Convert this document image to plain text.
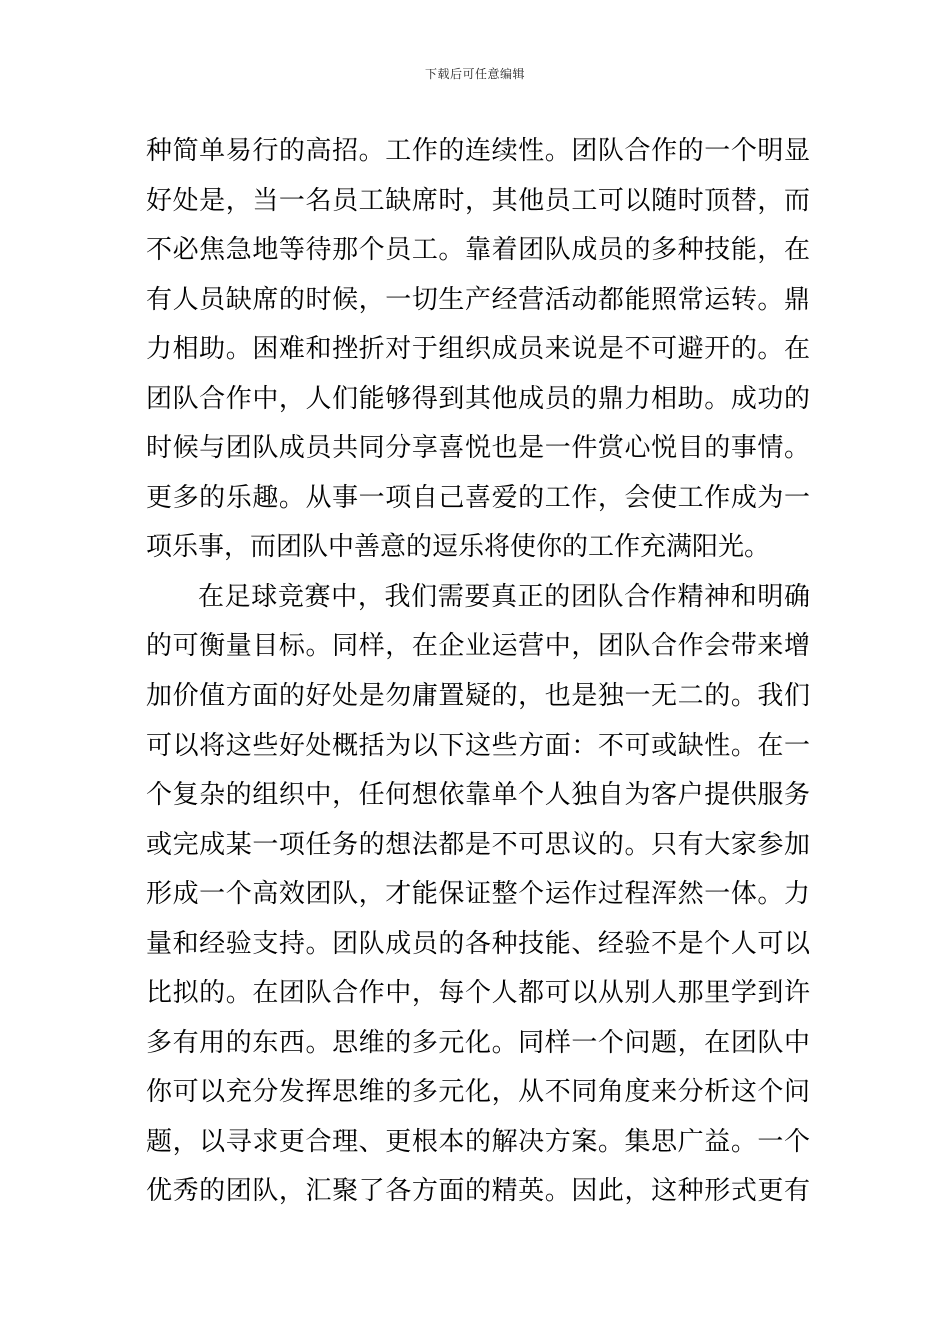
下载后可任意编辑
种简单易行的高招。工作的连续性。团队合作的一个明显
好处是，当一名员工缺席时，其他员工可以随时顶替，而
不必焦急地等待那个员工。靠着团队成员的多种技能，在
有人员缺席的时候，一切生产经营活动都能照常运转。鼎
力相助。困难和挫折对于组织成员来说是不可避开的。在
团队合作中，人们能够得到其他成员的鼎力相助。成功的
时候与团队成员共同分享喜悦也是一件赏心悦目的事情。
更多的乐趣。从事一项自己喜爱的工作，会使工作成为一
项乐事，而团队中善意的逗乐将使你的工作充满阳光。
在足球竞赛中，我们需要真正的团队合作精神和明确
的可衡量目标。同样，在企业运营中，团队合作会带来增
加价值方面的好处是勿庸置疑的，也是独一无二的。我们
可以将这些好处概括为以下这些方面：不可或缺性。在一
个复杂的组织中，任何想依靠单个人独自为客户提供服务
或完成某一项任务的想法都是不可思议的。只有大家参加
形成一个高效团队，才能保证整个运作过程浑然一体。力
量和经验支持。团队成员的各种技能、经验不是个人可以
比拟的。在团队合作中，每个人都可以从别人那里学到许
多有用的东西。思维的多元化。同样一个问题，在团队中
你可以充分发挥思维的多元化，从不同角度来分析这个问
题，以寻求更合理、更根本的解决方案。集思广益。一个
优秀的团队，汇聚了各方面的精英。因此，这种形式更有
